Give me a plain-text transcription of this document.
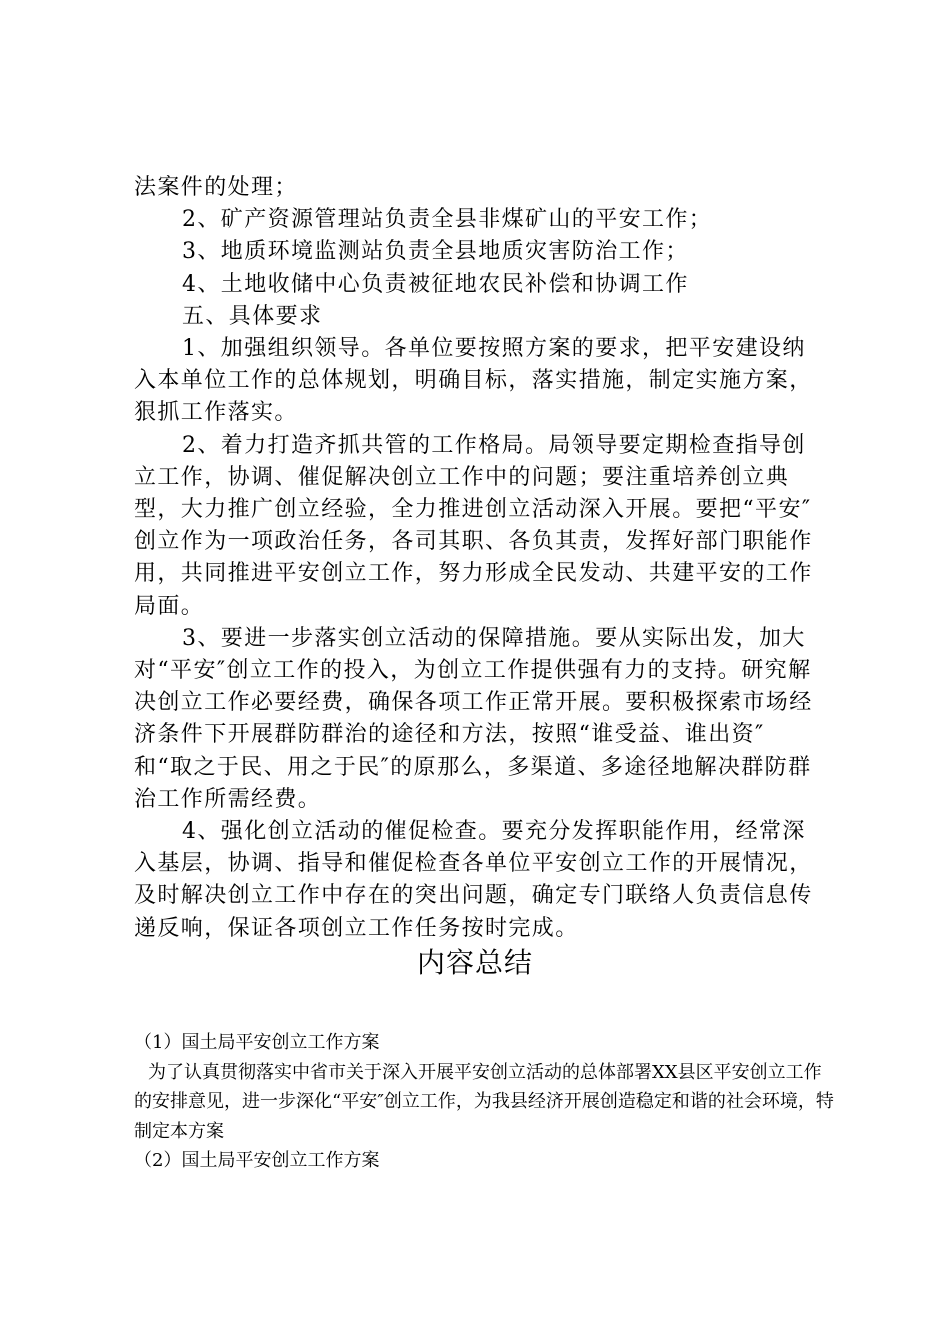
法案件的处理；

2、矿产资源管理站负责全县非煤矿山的平安工作；

3、地质环境监测站负责全县地质灾害防治工作；

4、土地收储中心负责被征地农民补偿和协调工作

五、具体要求

1、加强组织领导。各单位要按照方案的要求，把平安建设纳入本单位工作的总体规划，明确目标，落实措施，制定实施方案，狠抓工作落实。

2、着力打造齐抓共管的工作格局。局领导要定期检查指导创立工作，协调、催促解决创立工作中的问题；要注重培养创立典型，大力推广创立经验，全力推进创立活动深入开展。要把“平安″创立作为一项政治任务，各司其职、各负其责，发挥好部门职能作用，共同推进平安创立工作，努力形成全民发动、共建平安的工作局面。

3、要进一步落实创立活动的保障措施。要从实际出发，加大对“平安″创立工作的投入，为创立工作提供强有力的支持。研究解决创立工作必要经费，确保各项工作正常开展。要积极探索市场经济条件下开展群防群治的途径和方法，按照“谁受益、谁出资″和“取之于民、用之于民″的原那么，多渠道、多途径地解决群防群治工作所需经费。

4、强化创立活动的催促检查。要充分发挥职能作用，经常深入基层，协调、指导和催促检查各单位平安创立工作的开展情况，及时解决创立工作中存在的突出问题，确定专门联络人负责信息传递反响，保证各项创立工作任务按时完成。

内容总结

（1）国土局平安创立工作方案

为了认真贯彻落实中省市关于深入开展平安创立活动的总体部署XX县区平安创立工作的安排意见，进一步深化“平安″创立工作，为我县经济开展创造稳定和谐的社会环境，特制定本方案

（2）国土局平安创立工作方案
